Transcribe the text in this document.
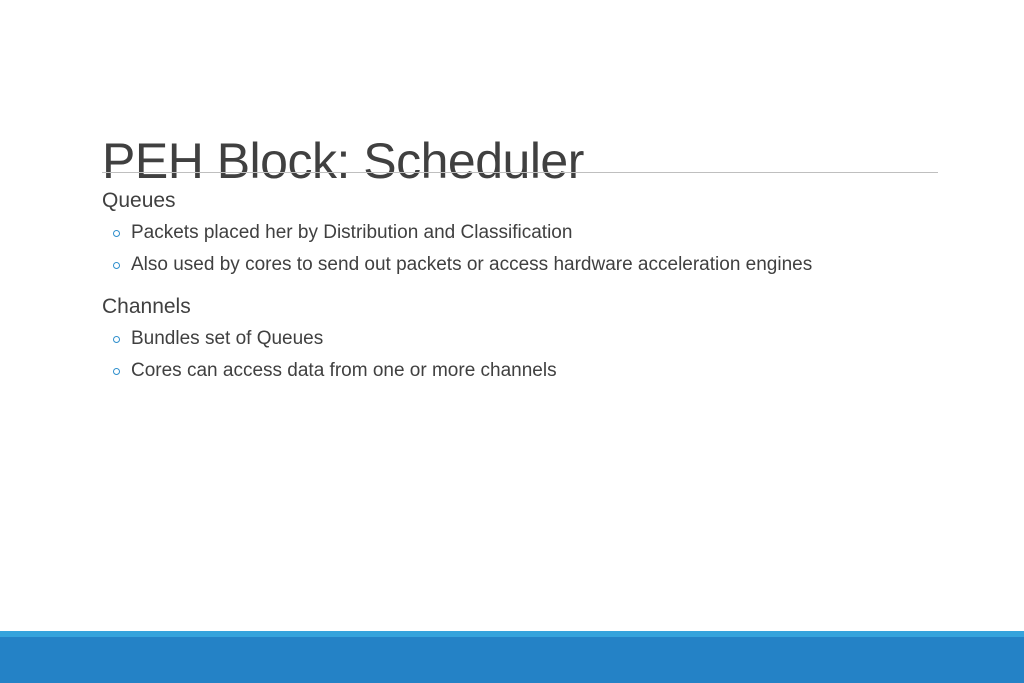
PEH Block: Scheduler
Queues
Packets placed her by Distribution and Classification
Also used by cores to send out packets or access hardware acceleration engines
Channels
Bundles set of Queues
Cores can access data from one or more channels
